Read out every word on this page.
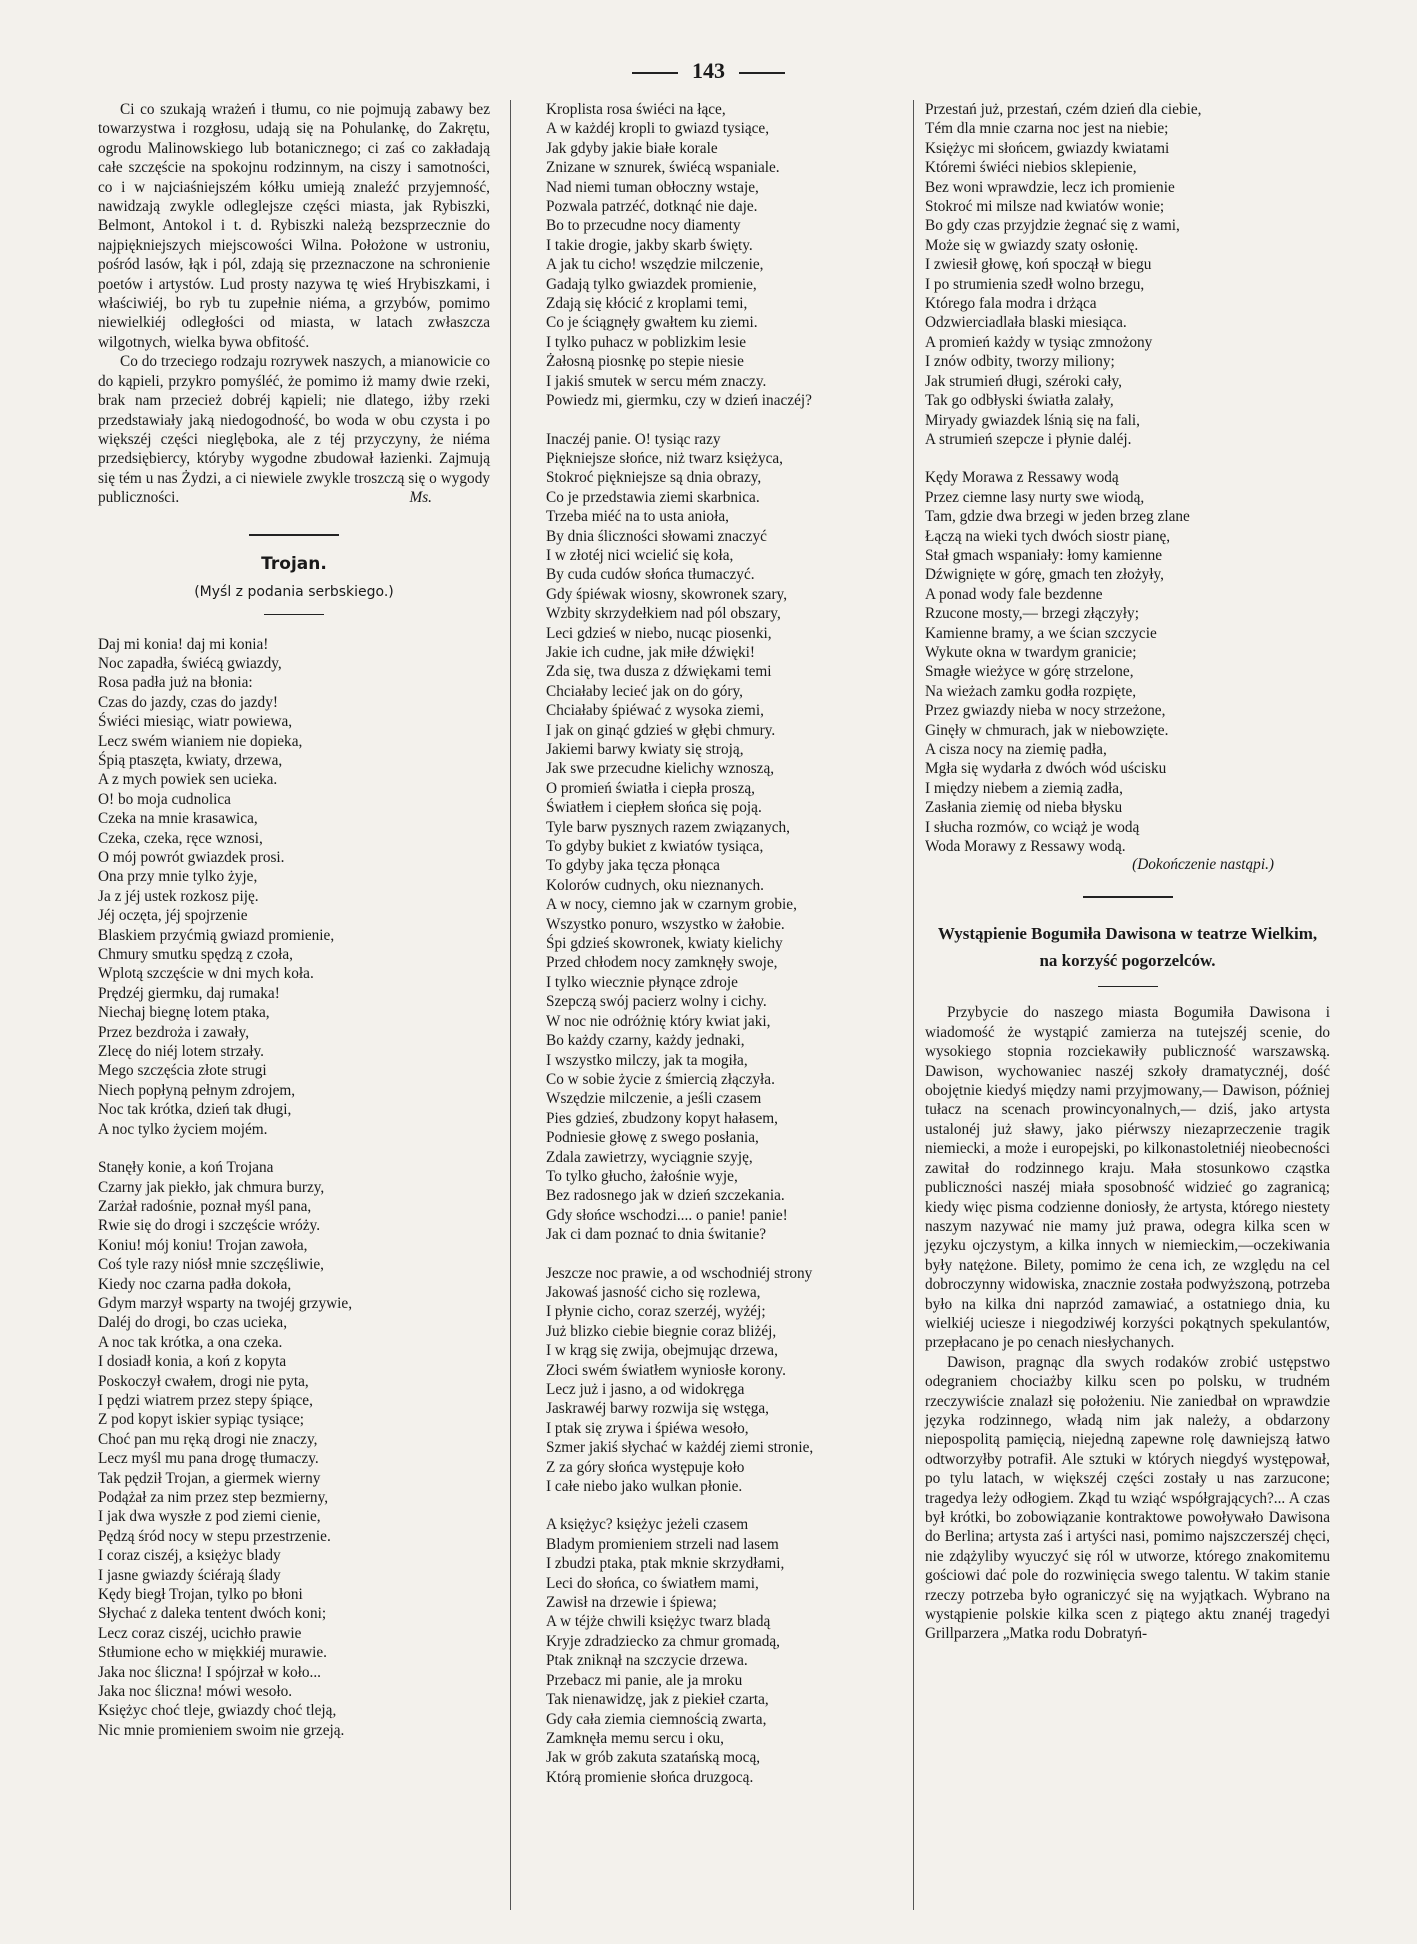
143

Ci co szukają wrażeń i tłumu, co nie pojmują zabawy bez towarzystwa i rozgłosu, udają się na Pohulankę, do Zakrętu, ogrodu Malinowskiego lub botanicznego; ci zaś co zakładają całe szczęście na spokojnu rodzinnym, na ciszy i samotności, co i w najciaśniejszém kółku umieją znaleźć przyjemność, nawidzają zwykle odleglejsze części miasta, jak Rybiszki, Belmont, Antokol i t. d. Rybiszki należą bezsprzecznie do najpiękniejszych miejscowości Wilna. Położone w ustroniu, pośród lasów, łąk i pól, zdają się przeznaczone na schronienie poetów i artystów. Lud prosty nazywa tę wieś Hrybiszkami, i właściwiéj, bo ryb tu zupełnie niéma, a grzybów, pomimo niewielkiéj odległości od miasta, w latach zwłaszcza wilgotnych, wielka bywa obfitość.

Co do trzeciego rodzaju rozrywek naszych, a mianowicie co do kąpieli, przykro pomyśléć, że pomimo iż mamy dwie rzeki, brak nam przecież dobréj kąpieli; nie dlatego, iżby rzeki przedstawiały jaką niedogodność, bo woda w obu czysta i po większéj części nieglęboka, ale z téj przyczyny, że niéma przedsiębiercy, któryby wygodne zbudował łazienki. Zajmują się tém u nas Żydzi, a ci niewiele zwykle troszczą się o wygody publiczności.	Ms.

Trojan.

(Myśl z podania serbskiego.)

Daj mi konia! daj mi konia!
Noc zapadła, świécą gwiazdy,
Rosa padła już na błonia:
Czas do jazdy, czas do jazdy!
Świéci miesiąc, wiatr powiewa,
Lecz swém wianiem nie dopieka,
Śpią ptaszęta, kwiaty, drzewa,
A z mych powiek sen ucieka.
O! bo moja cudnolica
Czeka na mnie krasawica,
Czeka, czeka, ręce wznosi,
O mój powrót gwiazdek prosi.
Ona przy mnie tylko żyje,
Ja z jéj ustek rozkosz piję.
Jéj oczęta, jéj spojrzenie
Blaskiem przyćmią gwiazd promienie,
Chmury smutku spędzą z czoła,
Wplotą szczęście w dni mych koła.
Prędzéj giermku, daj rumaka!
Niechaj biegnę lotem ptaka,
Przez bezdroża i zawały,
Zlecę do niéj lotem strzały.
Mego szczęścia złote strugi
Niech popłyną pełnym zdrojem,
Noc tak krótka, dzień tak długi,
A noc tylko życiem mojém.
Stanęły konie, a koń Trojana
Czarny jak piekło, jak chmura burzy,
Zarżał radośnie, poznał myśl pana,
Rwie się do drogi i szczęście wróży.
Koniu! mój koniu! Trojan zawoła,
Coś tyle razy niósł mnie szczęśliwie,
Kiedy noc czarna padła dokoła,
Gdym marzył wsparty na twojéj grzywie,
Daléj do drogi, bo czas ucieka,
A noc tak krótka, a ona czeka.
I dosiadł konia, a koń z kopyta
Poskoczył cwałem, drogi nie pyta,
I pędzi wiatrem przez stepy śpiące,
Z pod kopyt iskier sypiąc tysiące;
Choć pan mu ręką drogi nie znaczy,
Lecz myśl mu pana drogę tłumaczy.
Tak pędził Trojan, a giermek wierny
Podążał za nim przez step bezmierny,
I jak dwa wyszłe z pod ziemi cienie,
Pędzą śród nocy w stepu przestrzenie.
I coraz ciszéj, a księżyc blady
I jasne gwiazdy ściérają ślady
Kędy biegł Trojan, tylko po błoni
Słychać z daleka tentent dwóch koni;
Lecz coraz ciszéj, ucichło prawie
Stłumione echo w miękkiéj murawie.
Jaka noc śliczna! I spójrzał w koło...
Jaka noc śliczna! mówi wesoło.
Księżyc choć tleje, gwiazdy choć tleją,
Nic mnie promieniem swoim nie grzeją.
Kroplista rosa świéci na łące,
A w każdéj kropli to gwiazd tysiące,
Jak gdyby jakie białe korale
Znizane w sznurek, świécą wspaniale.
Nad niemi tuman obłoczny wstaje,
Pozwala patrzéć, dotknąć nie daje.
Bo to przecudne nocy diamenty
I takie drogie, jakby skarb święty.
A jak tu cicho! wszędzie milczenie,
Gadają tylko gwiazdek promienie,
Zdają się kłócić z kroplami temi,
Co je ściągnęły gwałtem ku ziemi.
I tylko puhacz w poblizkim lesie
Żałosną piosnkę po stepie niesie
I jakiś smutek w sercu mém znaczy.
Powiedz mi, giermku, czy w dzień inaczéj?
Inaczéj panie. O! tysiąc razy
Piękniejsze słońce, niż twarz księżyca,
Stokroć piękniejsze są dnia obrazy,
Co je przedstawia ziemi skarbnica.
Trzeba miéć na to usta anioła,
By dnia śliczności słowami znaczyć
I w złotéj nici wcielić się koła,
By cuda cudów słońca tłumaczyć.
Gdy śpiéwak wiosny, skowronek szary,
Wzbity skrzydełkiem nad pól obszary,
Leci gdzieś w niebo, nucąc piosenki,
Jakie ich cudne, jak miłe dźwięki!
Zda się, twa dusza z dźwiękami temi
Chciałaby lecieć jak on do góry,
Chciałaby śpiéwać z wysoka ziemi,
I jak on ginąć gdzieś w głębi chmury.
Jakiemi barwy kwiaty się stroją,
Jak swe przecudne kielichy wznoszą,
O promień światła i ciepła proszą,
Światłem i ciepłem słońca się poją.
Tyle barw pysznych razem związanych,
To gdyby bukiet z kwiatów tysiąca,
To gdyby jaka tęcza płonąca
Kolorów cudnych, oku nieznanych.
A w nocy, ciemno jak w czarnym grobie,
Wszystko ponuro, wszystko w żałobie.
Śpi gdzieś skowronek, kwiaty kielichy
Przed chłodem nocy zamknęły swoje,
I tylko wiecznie płynące zdroje
Szepczą swój pacierz wolny i cichy.
W noc nie odróżnię który kwiat jaki,
Bo każdy czarny, każdy jednaki,
I wszystko milczy, jak ta mogiła,
Co w sobie życie z śmiercią złączyła.
Wszędzie milczenie, a jeśli czasem
Pies gdzieś, zbudzony kopyt hałasem,
Podniesie głowę z swego posłania,
Zdala zawietrzy, wyciągnie szyję,
To tylko głucho, żałośnie wyje,
Bez radosnego jak w dzień szczekania.
Gdy słońce wschodzi.... o panie! panie!
Jak ci dam poznać to dnia świtanie?
Jeszcze noc prawie, a od wschodniéj strony
Jakowaś jasność cicho się rozlewa,
I płynie cicho, coraz szerzéj, wyżéj;
Już blizko ciebie biegnie coraz bliżéj,
I w krąg się zwija, obejmując drzewa,
Złoci swém światłem wyniosłe korony.
Lecz już i jasno, a od widokręga
Jaskrawéj barwy rozwija się wstęga,
I ptak się zrywa i śpiéwa wesoło,
Szmer jakiś słychać w każdéj ziemi stronie,
Z za góry słońca występuje koło
I całe niebo jako wulkan płonie.
A księżyc? księżyc jeżeli czasem
Bladym promieniem strzeli nad lasem
I zbudzi ptaka, ptak mknie skrzydłami,
Leci do słońca, co światłem mami,
Zawisł na drzewie i śpiewa;
A w téjże chwili księżyc twarz bladą
Kryje zdradziecko za chmur gromadą,
Ptak zniknął na szczycie drzewa.
Przebacz mi panie, ale ja mroku
Tak nienawidzę, jak z piekieł czarta,
Gdy cała ziemia ciemnością zwarta,
Zamknęła memu sercu i oku,
Jak w grób zakuta szatańską mocą,
Którą promienie słońca druzgocą.
Przestań już, przestań, czém dzień dla ciebie,
Tém dla mnie czarna noc jest na niebie;
Księżyc mi słońcem, gwiazdy kwiatami
Któremi świéci niebios sklepienie,
Bez woni wprawdzie, lecz ich promienie
Stokroć mi milsze nad kwiatów wonie;
Bo gdy czas przyjdzie żegnać się z wami,
Może się w gwiazdy szaty osłonię.
I zwiesił głowę, koń spoczął w biegu
I po strumienia szedł wolno brzegu,
Którego fala modra i drżąca
Odzwierciadlała blaski miesiąca.
A promień każdy w tysiąc zmnożony
I znów odbity, tworzy miliony;
Jak strumień długi, széroki cały,
Tak go odbłyski światła zalały,
Miryady gwiazdek lśnią się na fali,
A strumień szepcze i płynie daléj.
Kędy Morawa z Ressawy wodą
Przez ciemne lasy nurty swe wiodą,
Tam, gdzie dwa brzegi w jeden brzeg zlane
Łączą na wieki tych dwóch siostr pianę,
Stał gmach wspaniały: łomy kamienne
Dźwignięte w górę, gmach ten złożyły,
A ponad wody fale bezdenne
Rzucone mosty,— brzegi złączyły;
Kamienne bramy, a we ścian szczycie
Wykute okna w twardym granicie;
Smagłe wieżyce w górę strzelone,
Na wieżach zamku godła rozpięte,
Przez gwiazdy nieba w nocy strzeżone,
Ginęły w chmurach, jak w niebowzięte.
A cisza nocy na ziemię padła,
Mgła się wydarła z dwóch wód uścisku
I między niebem a ziemią zadła,
Zasłania ziemię od nieba błysku
I słucha rozmów, co wciąż je wodą
Woda Morawy z Ressawy wodą.

(Dokończenie nastąpi.)

Wystąpienie Bogumiła Dawisona w teatrze Wielkim,

na korzyść pogorzelców.

Przybycie do naszego miasta Bogumiła Dawisona i wiadomość że wystąpić zamierza na tutejszéj scenie, do wysokiego stopnia rozciekawiły publiczność warszawską. Dawison, wychowaniec naszéj szkoły dramatycznéj, dość obojętnie kiedyś między nami przyjmowany,— Dawison, później tułacz na scenach prowincyonalnych,— dziś, jako artysta ustalonéj już sławy, jako piérwszy niezaprzeczenie tragik niemiecki, a może i europejski, po kilkonastoletniéj nieobecności zawitał do rodzinnego kraju. Mała stosunkowo cząstka publiczności naszéj miała sposobność widzieć go zagranicą; kiedy więc pisma codzienne doniosły, że artysta, którego niestety naszym nazywać nie mamy już prawa, odegra kilka scen w języku ojczystym, a kilka innych w niemieckim,—oczekiwania były natężone. Bilety, pomimo że cena ich, ze względu na cel dobroczynny widowiska, znacznie została podwyższoną, potrzeba było na kilka dni naprzód zamawiać, a ostatniego dnia, ku wielkiéj uciesze i niegodziwéj korzyści pokątnych spekulantów, przepłacano je po cenach niesłychanych.

Dawison, pragnąc dla swych rodaków zrobić ustępstwo odegraniem chociażby kilku scen po polsku, w trudném rzeczywiście znalazł się położeniu. Nie zaniedbał on wprawdzie języka rodzinnego, władą nim jak należy, a obdarzony niepospolitą pamięcią, niejedną zapewne rolę dawniejszą łatwo odtworzyłby potrafił. Ale sztuki w których niegdyś występował, po tylu latach, w większéj części zostały u nas zarzucone; tragedya leży odłogiem. Zkąd tu wziąć współgrających?... A czas był krótki, bo zobowiązanie kontraktowe powoływało Dawisona do Berlina; artysta zaś i artyści nasi, pomimo najszczerszéj chęci, nie zdążyliby wyuczyć się ról w utworze, którego znakomitemu gościowi dać pole do rozwinięcia swego talentu. W takim stanie rzeczy potrzeba było ograniczyć się na wyjątkach. Wybrano na wystąpienie polskie kilka scen z piątego aktu znanéj tragedyi Grillparzera „Matka rodu Dobratyń-
